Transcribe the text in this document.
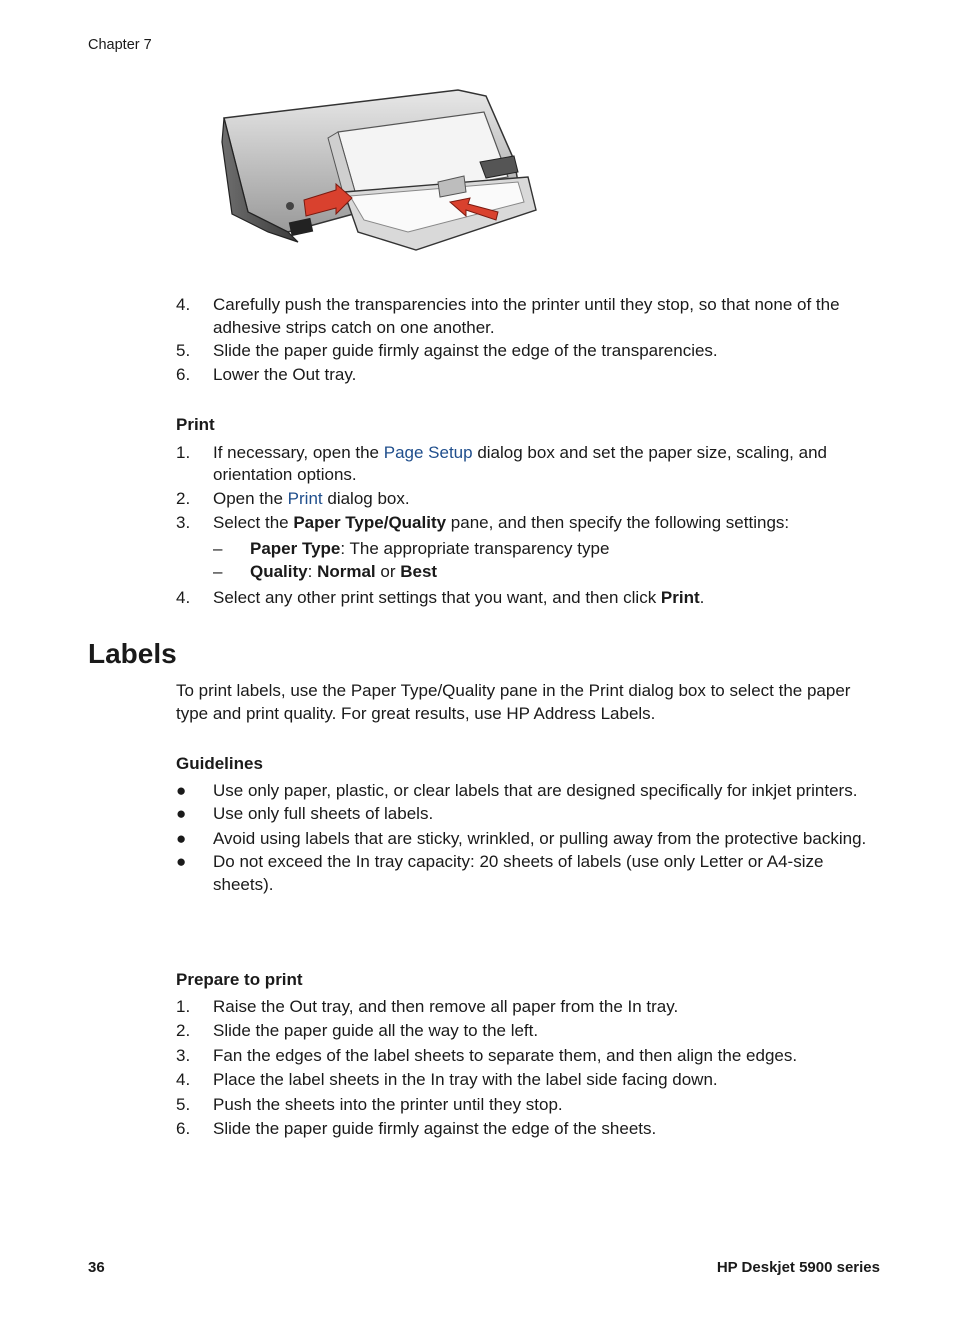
Chapter 7
4. Carefully push the transparencies into the printer until they stop, so that none of the adhesive strips catch on one another.
5. Slide the paper guide firmly against the edge of the transparencies.
6. Lower the Out tray.
Print
1. If necessary, open the Page Setup dialog box and set the paper size, scaling, and orientation options.
2. Open the Print dialog box.
3. Select the Paper Type/Quality pane, and then specify the following settings:
– Paper Type: The appropriate transparency type
– Quality: Normal or Best
4. Select any other print settings that you want, and then click Print.
Labels
To print labels, use the Paper Type/Quality pane in the Print dialog box to select the paper type and print quality. For great results, use HP Address Labels.
Guidelines
● Use only paper, plastic, or clear labels that are designed specifically for inkjet printers.
● Use only full sheets of labels.
● Avoid using labels that are sticky, wrinkled, or pulling away from the protective backing.
● Do not exceed the In tray capacity: 20 sheets of labels (use only Letter or A4-size sheets).
Prepare to print
1. Raise the Out tray, and then remove all paper from the In tray.
2. Slide the paper guide all the way to the left.
3. Fan the edges of the label sheets to separate them, and then align the edges.
4. Place the label sheets in the In tray with the label side facing down.
5. Push the sheets into the printer until they stop.
6. Slide the paper guide firmly against the edge of the sheets.
36	HP Deskjet 5900 series
